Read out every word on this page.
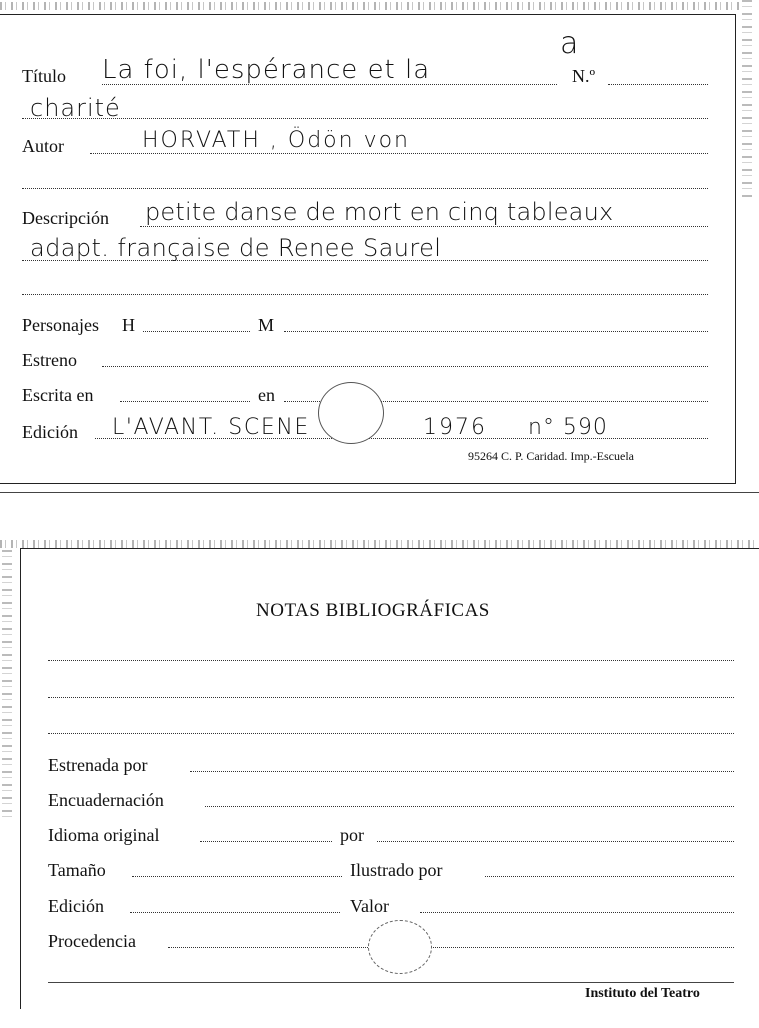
Título La foi, l'espérance et la	N.º
a
charité
Autor	HORVATH , Ödön von
Descripción petite danse de mort en cinq tableaux
adapt. française de Renee Saurel
Personajes H	M
Estreno
Escrita en	en
Edición L'AVANT. SCENE	1976 n° 590
95264 C. P. Caridad. Imp.-Escuela
NOTAS BIBLIOGRÁFICAS
Estrenada por
Encuadernación
Idioma original	por
Tamaño	Ilustrado por
Edición	Valor
Procedencia
Instituto del Teatro
